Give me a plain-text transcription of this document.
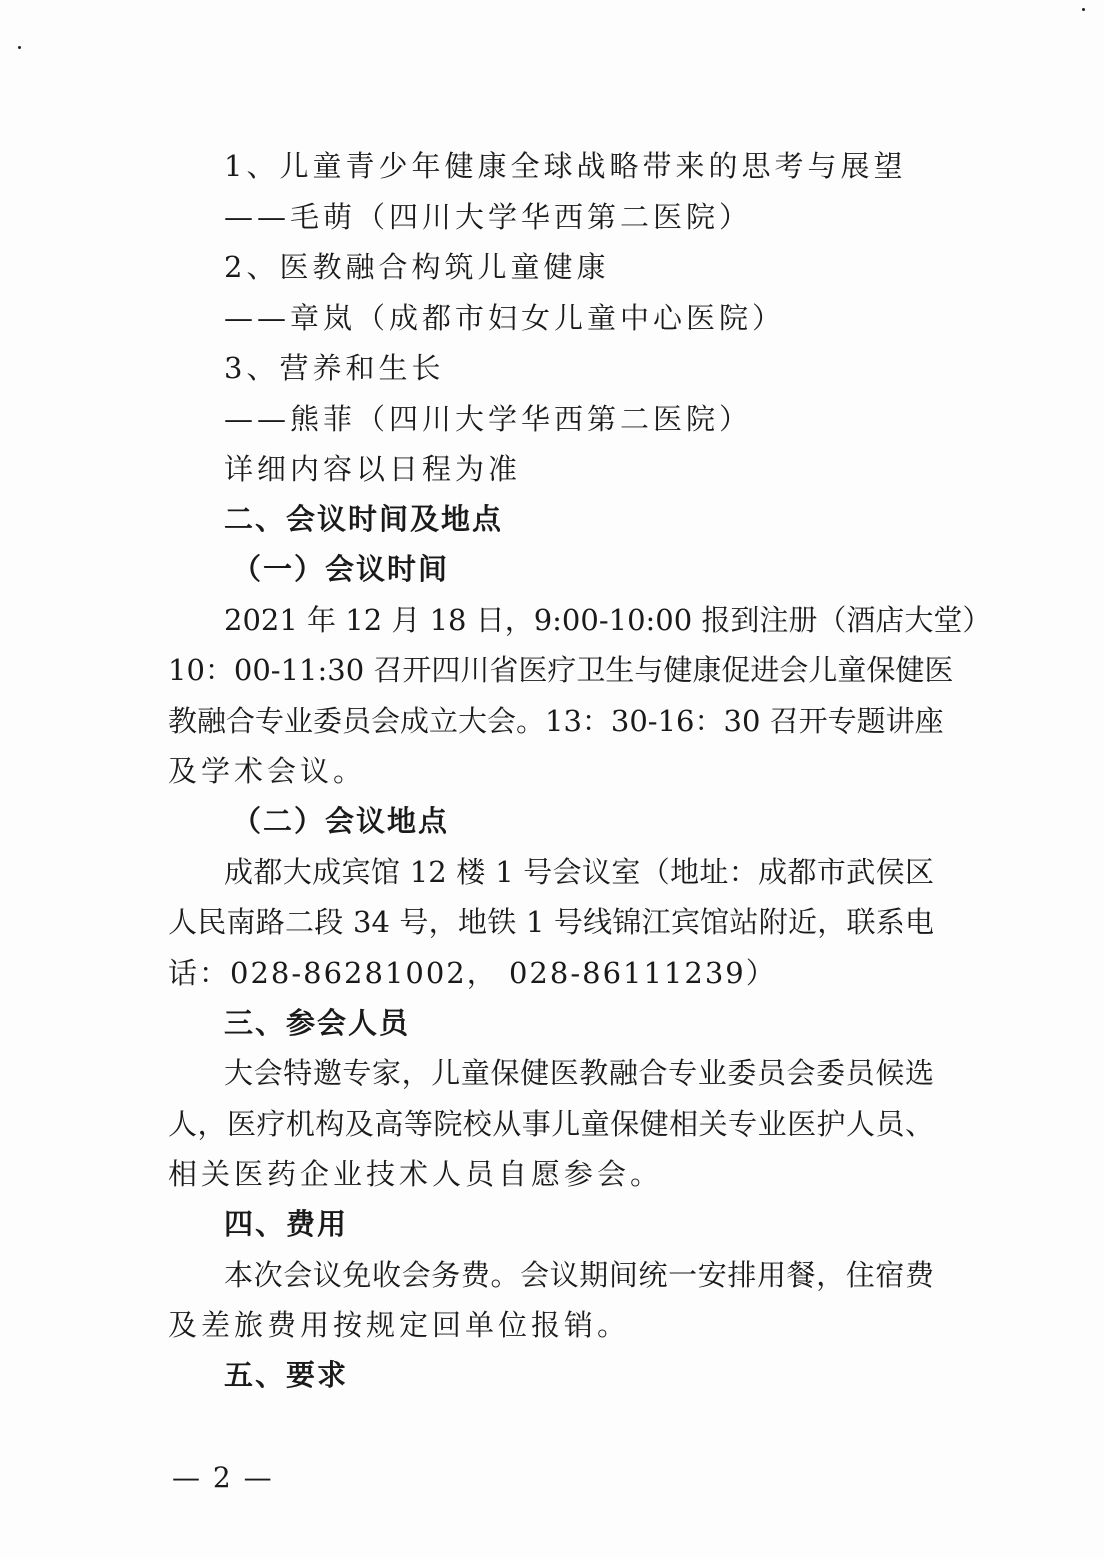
1、儿童青少年健康全球战略带来的思考与展望
——毛萌（四川大学华西第二医院）
2、医教融合构筑儿童健康
——章岚（成都市妇女儿童中心医院）
3、营养和生长
——熊菲（四川大学华西第二医院）
详细内容以日程为准
二、会议时间及地点
（一）会议时间
2021 年 12 月 18 日，9:00-10:00 报到注册（酒店大堂）
10：00-11:30 召开四川省医疗卫生与健康促进会儿童保健医
教融合专业委员会成立大会。13：30-16：30 召开专题讲座
及学术会议。
（二）会议地点
成都大成宾馆 12 楼 1 号会议室（地址：成都市武侯区
人民南路二段 34 号，地铁 1 号线锦江宾馆站附近，联系电
话：028-86281002， 028-86111239）
三、参会人员
大会特邀专家，儿童保健医教融合专业委员会委员候选
人，医疗机构及高等院校从事儿童保健相关专业医护人员、
相关医药企业技术人员自愿参会。
四、费用
本次会议免收会务费。会议期间统一安排用餐，住宿费
及差旅费用按规定回单位报销。
五、要求
— 2 —
